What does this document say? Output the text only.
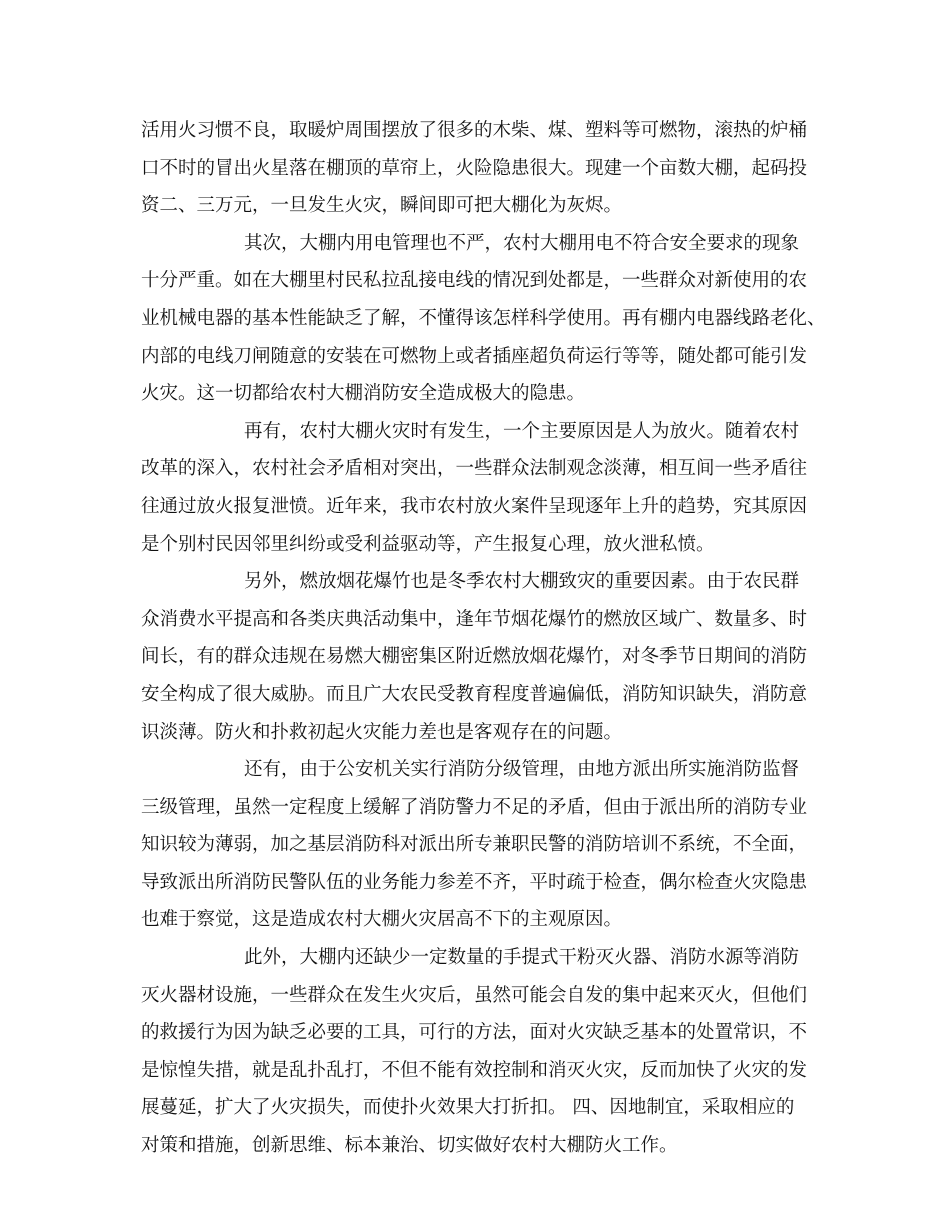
活用火习惯不良，取暖炉周围摆放了很多的木柴、煤、塑料等可燃物，滚热的炉桶
口不时的冒出火星落在棚顶的草帘上，火险隐患很大。现建一个亩数大棚，起码投
资二、三万元，一旦发生火灾，瞬间即可把大棚化为灰烬。
其次，大棚内用电管理也不严，农村大棚用电不符合安全要求的现象
十分严重。如在大棚里村民私拉乱接电线的情况到处都是，一些群众对新使用的农
业机械电器的基本性能缺乏了解，不懂得该怎样科学使用。再有棚内电器线路老化、
内部的电线刀闸随意的安装在可燃物上或者插座超负荷运行等等，随处都可能引发
火灾。这一切都给农村大棚消防安全造成极大的隐患。
再有，农村大棚火灾时有发生，一个主要原因是人为放火。随着农村
改革的深入，农村社会矛盾相对突出，一些群众法制观念淡薄，相互间一些矛盾往
往通过放火报复泄愤。近年来，我市农村放火案件呈现逐年上升的趋势，究其原因
是个别村民因邻里纠纷或受利益驱动等，产生报复心理，放火泄私愤。
另外，燃放烟花爆竹也是冬季农村大棚致灾的重要因素。由于农民群
众消费水平提高和各类庆典活动集中，逢年节烟花爆竹的燃放区域广、数量多、时
间长，有的群众违规在易燃大棚密集区附近燃放烟花爆竹，对冬季节日期间的消防
安全构成了很大威胁。而且广大农民受教育程度普遍偏低，消防知识缺失，消防意
识淡薄。防火和扑救初起火灾能力差也是客观存在的问题。
还有，由于公安机关实行消防分级管理，由地方派出所实施消防监督
三级管理，虽然一定程度上缓解了消防警力不足的矛盾，但由于派出所的消防专业
知识较为薄弱，加之基层消防科对派出所专兼职民警的消防培训不系统，不全面，
导致派出所消防民警队伍的业务能力参差不齐，平时疏于检查，偶尔检查火灾隐患
也难于察觉，这是造成农村大棚火灾居高不下的主观原因。
此外，大棚内还缺少一定数量的手提式干粉灭火器、消防水源等消防
灭火器材设施，一些群众在发生火灾后，虽然可能会自发的集中起来灭火，但他们
的救援行为因为缺乏必要的工具，可行的方法，面对火灾缺乏基本的处置常识，不
是惊惶失措，就是乱扑乱打，不但不能有效控制和消灭火灾，反而加快了火灾的发
展蔓延，扩大了火灾损失，而使扑火效果大打折扣。 四、因地制宜，采取相应的
对策和措施，创新思维、标本兼治、切实做好农村大棚防火工作。
